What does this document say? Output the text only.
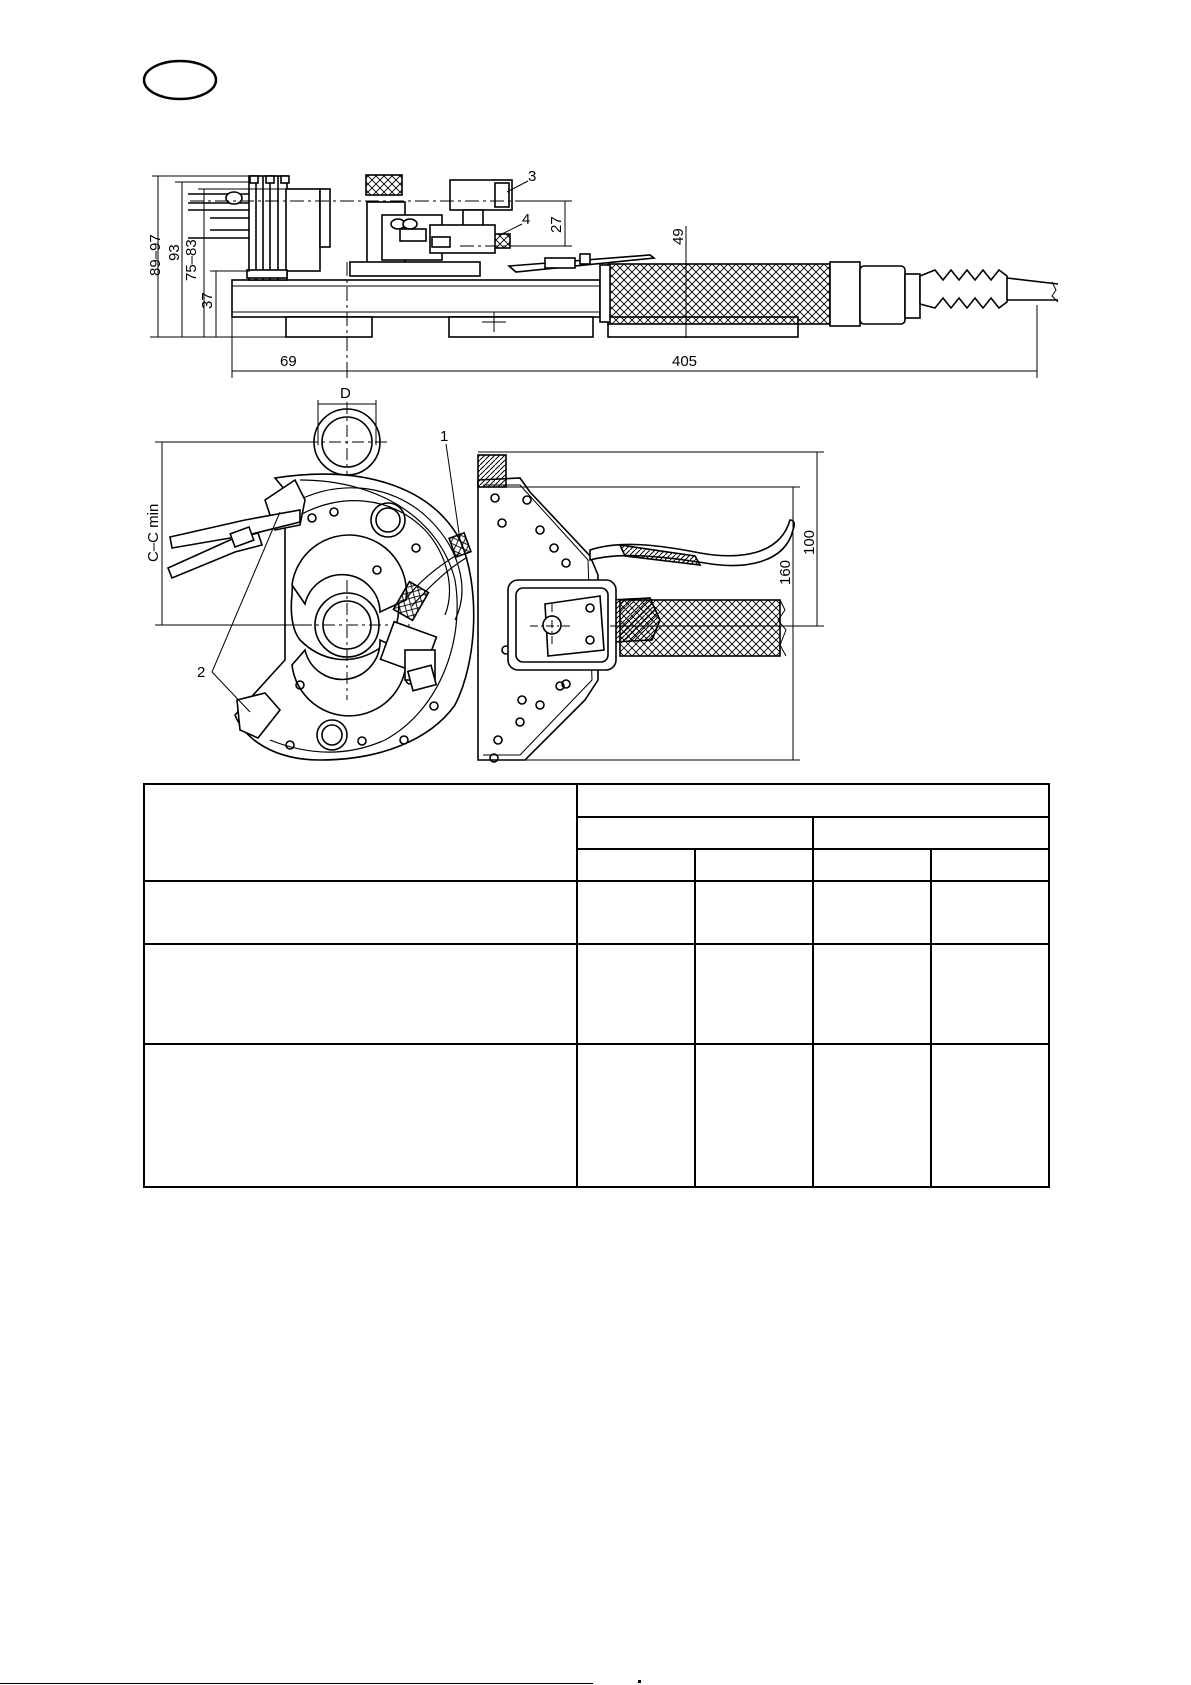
89–97 93 75–83
37
27
49
69	405
3
4
D
C–C min
160
100
1
2
